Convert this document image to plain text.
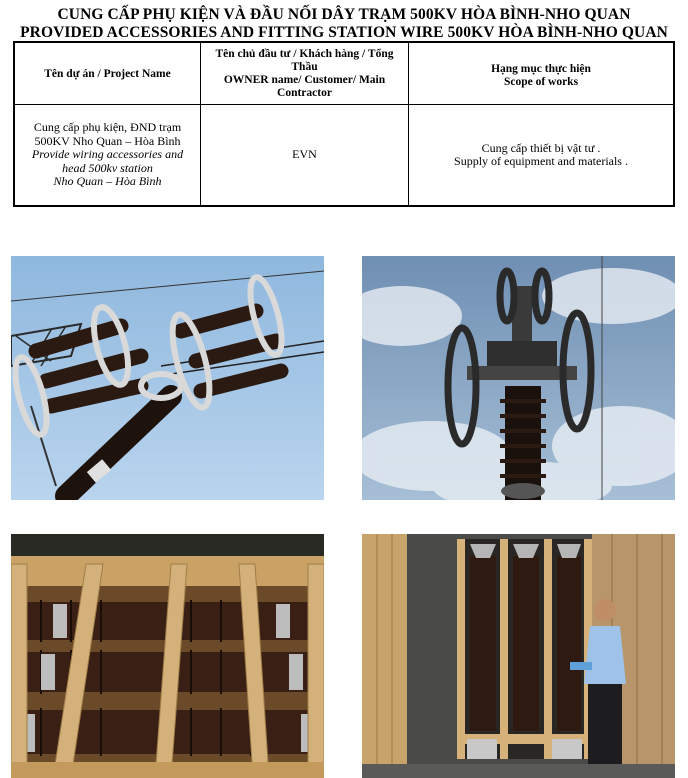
CUNG CẤP PHỤ KIỆN VÀ ĐẦU NỐI DÂY TRẠM 500KV HÒA BÌNH-NHO QUAN
PROVIDED ACCESSORIES AND FITTING STATION WIRE 500KV HÒA BÌNH-NHO QUAN
Tên dự án / Project Name
Tên chủ đầu tư / Khách hàng / Tổng Thầu
OWNER name/ Customer/ Main Contractor
Hạng mục thực hiện
Scope of works
Cung cấp phụ kiện, ĐND trạm 500KV Nho Quan – Hòa Bình
Provide wiring accessories and head 500kv station
Nho Quan – Hòa Bình
EVN	Cung cấp thiết bị vật tư .
Supply of equipment and materials .
